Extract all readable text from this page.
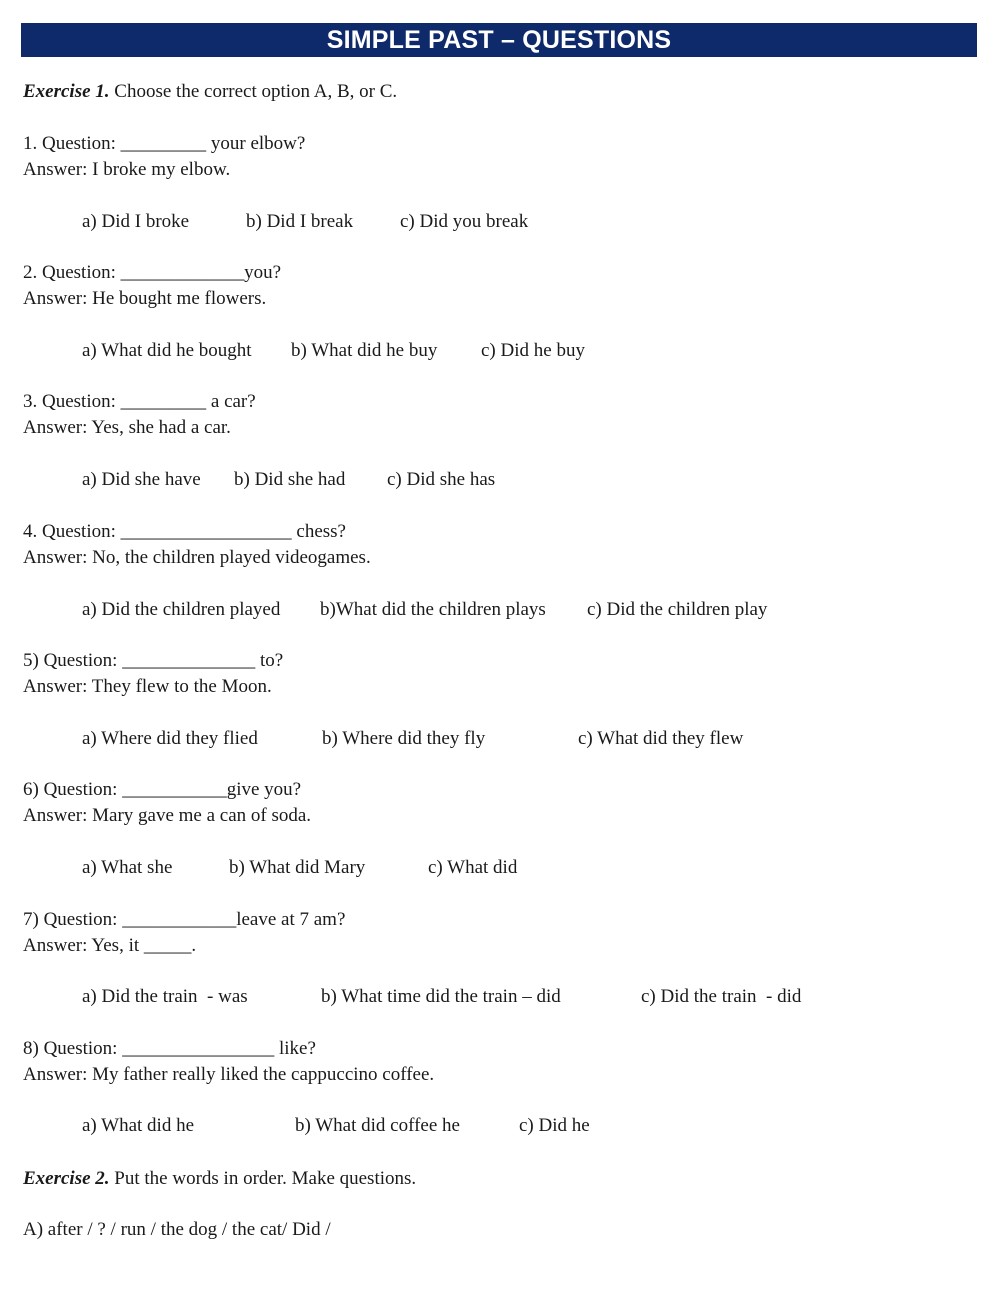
SIMPLE PAST – QUESTIONS
Exercise 1. Choose the correct option A, B, or C.
1. Question: _________ your elbow?
Answer: I broke my elbow.
a) Did I broke	b) Did I break c) Did you break
2. Question: _____________you?
Answer: He bought me flowers.
a) What did he bought b) What did he buy c) Did he buy
3. Question: _________ a car?
Answer: Yes, she had a car.
a) Did she have b) Did she had c) Did she has
4. Question: __________________ chess?
Answer: No, the children played videogames.
a) Did the children played b)What did the children plays c) Did the children play
5) Question: ______________ to?
Answer: They flew to the Moon.
a) Where did they flied	b) Where did they fly	c) What did they flew
6) Question: ___________give you?
Answer: Mary gave me a can of soda.
a) What she	b) What did Mary	c) What did
7) Question: ____________leave at 7 am?
Answer: Yes, it _____.
a) Did the train  - was	b) What time did the train – did	c) Did the train  - did
8) Question: ________________ like?
Answer: My father really liked the cappuccino coffee.
a) What did he	b) What did coffee he	c) Did he
Exercise 2. Put the words in order. Make questions.
A) after / ? / run / the dog / the cat/ Did /
